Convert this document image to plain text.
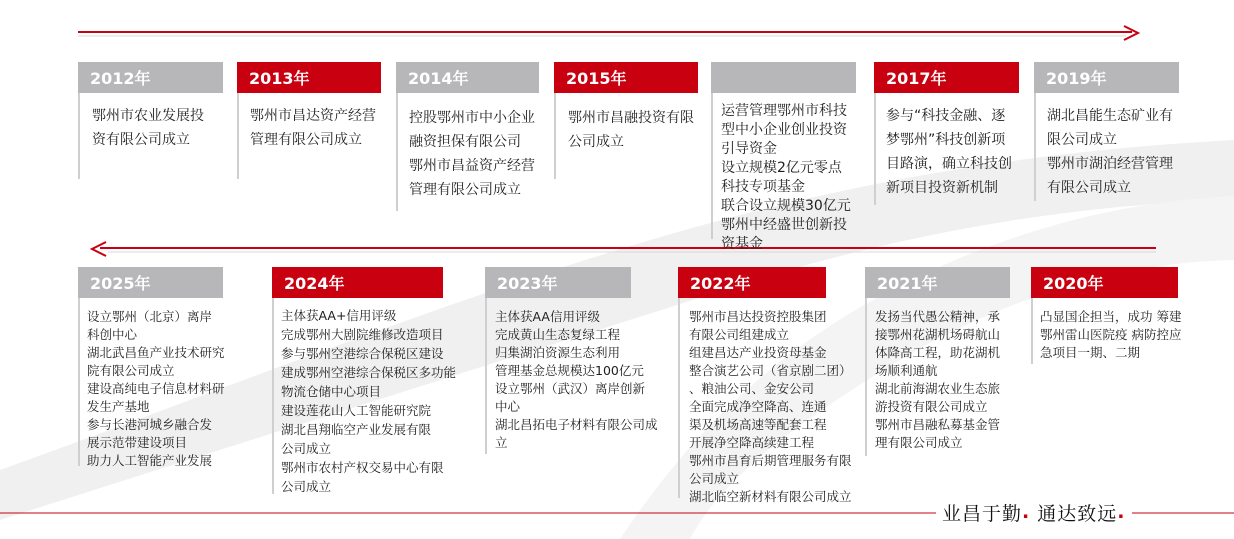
2012年
鄂州市农业发展投
资有限公司成立
2013年
鄂州市昌达资产经营
管理有限公司成立
2014年
控股鄂州市中小企业
融资担保有限公司
鄂州市昌益资产经营
管理有限公司成立
2015年
鄂州市昌融投资有限
公司成立
运营管理鄂州市科技
型中小企业创业投资
引导资金
设立规模2亿元零点
科技专项基金
联合设立规模30亿元
鄂州中经盛世创新投
资基金
2017年
参与“科技金融、逐
梦鄂州”科技创新项
目路演，确立科技创
新项目投资新机制
2019年
湖北昌能生态矿业有
限公司成立
鄂州市湖泊经营管理
有限公司成立
2025年
设立鄂州（北京）离岸
科创中心
湖北武昌鱼产业技术研究
院有限公司成立
建设高纯电子信息材料研
发生产基地
参与长港河城乡融合发
展示范带建设项目
助力人工智能产业发展
2024年
主体获AA+信用评级
完成鄂州大剧院维修改造项目
参与鄂州空港综合保税区建设
建成鄂州空港综合保税区多功能
物流仓储中心项目
建设莲花山人工智能研究院
湖北昌翔临空产业发展有限
公司成立
鄂州市农村产权交易中心有限
公司成立
2023年
主体获AA信用评级
完成黄山生态复绿工程
归集湖泊资源生态利用
管理基金总规模达100亿元
设立鄂州（武汉）离岸创新
中心
湖北昌拓电子材料有限公司成
立
2022年
鄂州市昌达投资控股集团
有限公司组建成立
组建昌达产业投资母基金
整合演艺公司（省京剧二团）
、粮油公司、金安公司
全面完成净空降高、连通
渠及机场高速等配套工程
开展净空降高续建工程
鄂州市昌育后期管理服务有限
公司成立
湖北临空新材料有限公司成立
2021年
发扬当代愚公精神，承
接鄂州花湖机场碍航山
体降高工程，助花湖机
场顺利通航
湖北前海湖农业生态旅
游投资有限公司成立
鄂州市昌融私募基金管
理有限公司成立
2020年
凸显国企担当，成功 筹建
鄂州雷山医院疫 病防控应
急项目一期、二期
业昌于勤 .
通达致远 .
